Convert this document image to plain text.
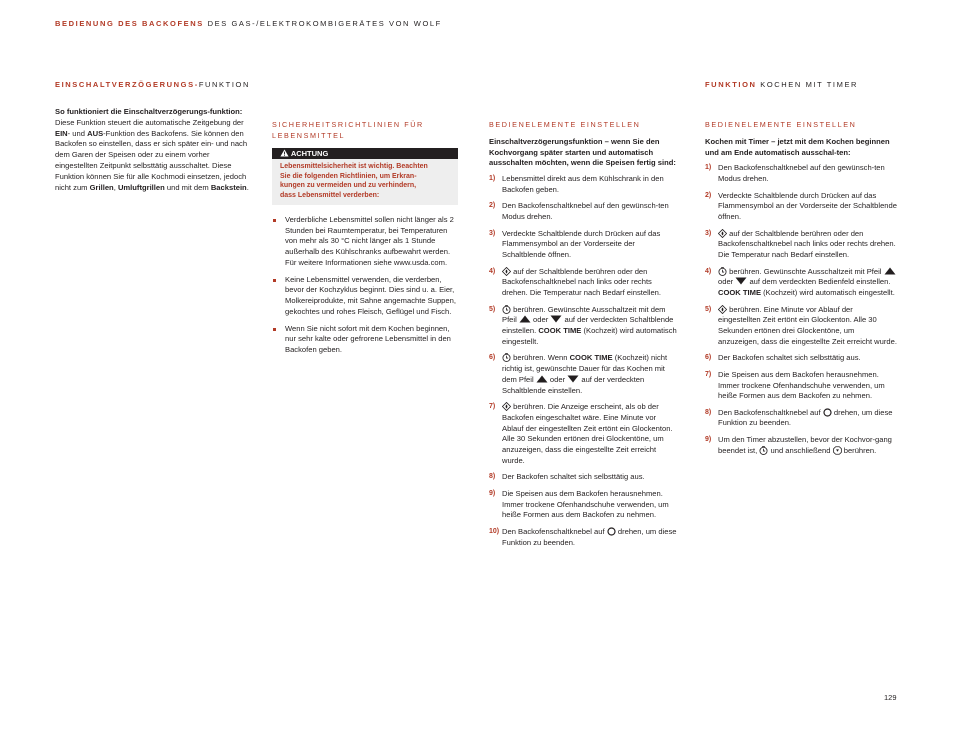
BEDIENUNG DES BACKOFENS DES GAS-/ELEKTROKOMBIGERÄTES VON WOLF
EINSCHALTVERZÖGERUNGS-FUNKTION	FUNKTION KOCHEN MIT TIMER

So funktioniert die Einschaltverzögerungs-funktion: Diese Funktion steuert die automatische Zeitgebung der EIN- und AUS-Funktion des Backofens. Sie können den Backofen so einstellen, dass er sich später ein- und nach dem Garen der Speisen oder zu einem vorher eingestellten Zeitpunkt selbsttätig ausschaltet. Diese Funktion können Sie für alle Kochmodi einsetzen, jedoch nicht zum Grillen, Umluftgrillen und mit dem Backstein.

SICHERHEITSRICHTLINIEN FÜR
LEBENSMITTEL
ACHTUNG
Lebensmittelsicherheit ist wichtig. Beachten
Sie die folgenden Richtlinien, um Erkran-
kungen zu vermeiden und zu verhindern,
dass Lebensmittel verderben:
Verderbliche Lebensmittel sollen nicht länger als 2 Stunden bei Raumtemperatur, bei Temperaturen von mehr als 30 °C nicht länger als 1 Stunde außerhalb des Kühlschranks aufbewahrt werden. Für weitere Informationen siehe www.usda.com.
Keine Lebensmittel verwenden, die verderben, bevor der Kochzyklus beginnt. Dies sind u. a. Eier, Molkereiprodukte, mit Sahne angemachte Suppen, gekochtes und rohes Fleisch, Geflügel und Fisch.
Wenn Sie nicht sofort mit dem Kochen beginnen, nur sehr kalte oder gefrorene Lebensmittel in den Backofen geben.
BEDIENELEMENTE EINSTELLEN

Einschaltverzögerungsfunktion – wenn Sie den Kochvorgang später starten und automatisch ausschalten möchten, wenn die Speisen fertig sind:

1) Lebensmittel direkt aus dem Kühlschrank in den Backofen geben.
2) Den Backofenschaltknebel auf den gewünsch-ten Modus drehen.
3) Verdeckte Schaltblende durch Drücken auf das Flammensymbol an der Vorderseite der Schaltblende öffnen.
4) auf der Schaltblende berühren oder den Backofenschaltknebel nach links oder rechts drehen. Die Temperatur nach Bedarf einstellen.
5) berühren. Gewünschte Ausschaltzeit mit dem Pfeil oder auf der verdeckten Schaltblende einstellen. COOK TIME (Kochzeit) wird automatisch eingestellt.
6) berühren. Wenn COOK TIME (Kochzeit) nicht richtig ist, gewünschte Dauer für das Kochen mit dem Pfeil oder auf der verdeckten Schaltblende einstellen.
7) berühren. Die Anzeige erscheint, als ob der Backofen eingeschaltet wäre. Eine Minute vor Ablauf der eingestellten Zeit ertönt ein Glockenton. Alle 30 Sekunden ertönen drei Glockentöne, um anzuzeigen, dass die eingestellte Zeit erreicht wurde.
8) Der Backofen schaltet sich selbsttätig aus.
9) Die Speisen aus dem Backofen herausnehmen. Immer trockene Ofenhandschuhe verwenden, um heiße Formen aus dem Backofen zu nehmen.
10) Den Backofenschaltknebel auf drehen, um diese Funktion zu beenden.
BEDIENELEMENTE EINSTELLEN

Kochen mit Timer – jetzt mit dem Kochen beginnen und am Ende automatisch ausschal-ten:

1) Den Backofenschaltknebel auf den gewünsch-ten Modus drehen.
2) Verdeckte Schaltblende durch Drücken auf das Flammensymbol an der Vorderseite der Schaltblende öffnen.
3) auf der Schaltblende berühren oder den Backofenschaltknebel nach links oder rechts drehen. Die Temperatur nach Bedarf einstellen.
4) berühren. Gewünschte Ausschaltzeit mit Pfeil  oder auf dem verdeckten Bedienfeld einstellen. COOK TIME (Kochzeit) wird automatisch eingestellt.
5) berühren. Eine Minute vor Ablauf der eingestellten Zeit ertönt ein Glockenton. Alle 30 Sekunden ertönen drei Glockentöne, um anzuzeigen, dass die eingestellte Zeit erreicht wurde.
6) Der Backofen schaltet sich selbsttätig aus.
7) Die Speisen aus dem Backofen herausnehmen. Immer trockene Ofenhandschuhe verwenden, um heiße Formen aus dem Backofen zu nehmen.
8) Den Backofenschaltknebel auf drehen, um diese Funktion zu beenden.
9) Um den Timer abzustellen, bevor der Kochvor-gang beendet ist, und anschließend berühren.
129
